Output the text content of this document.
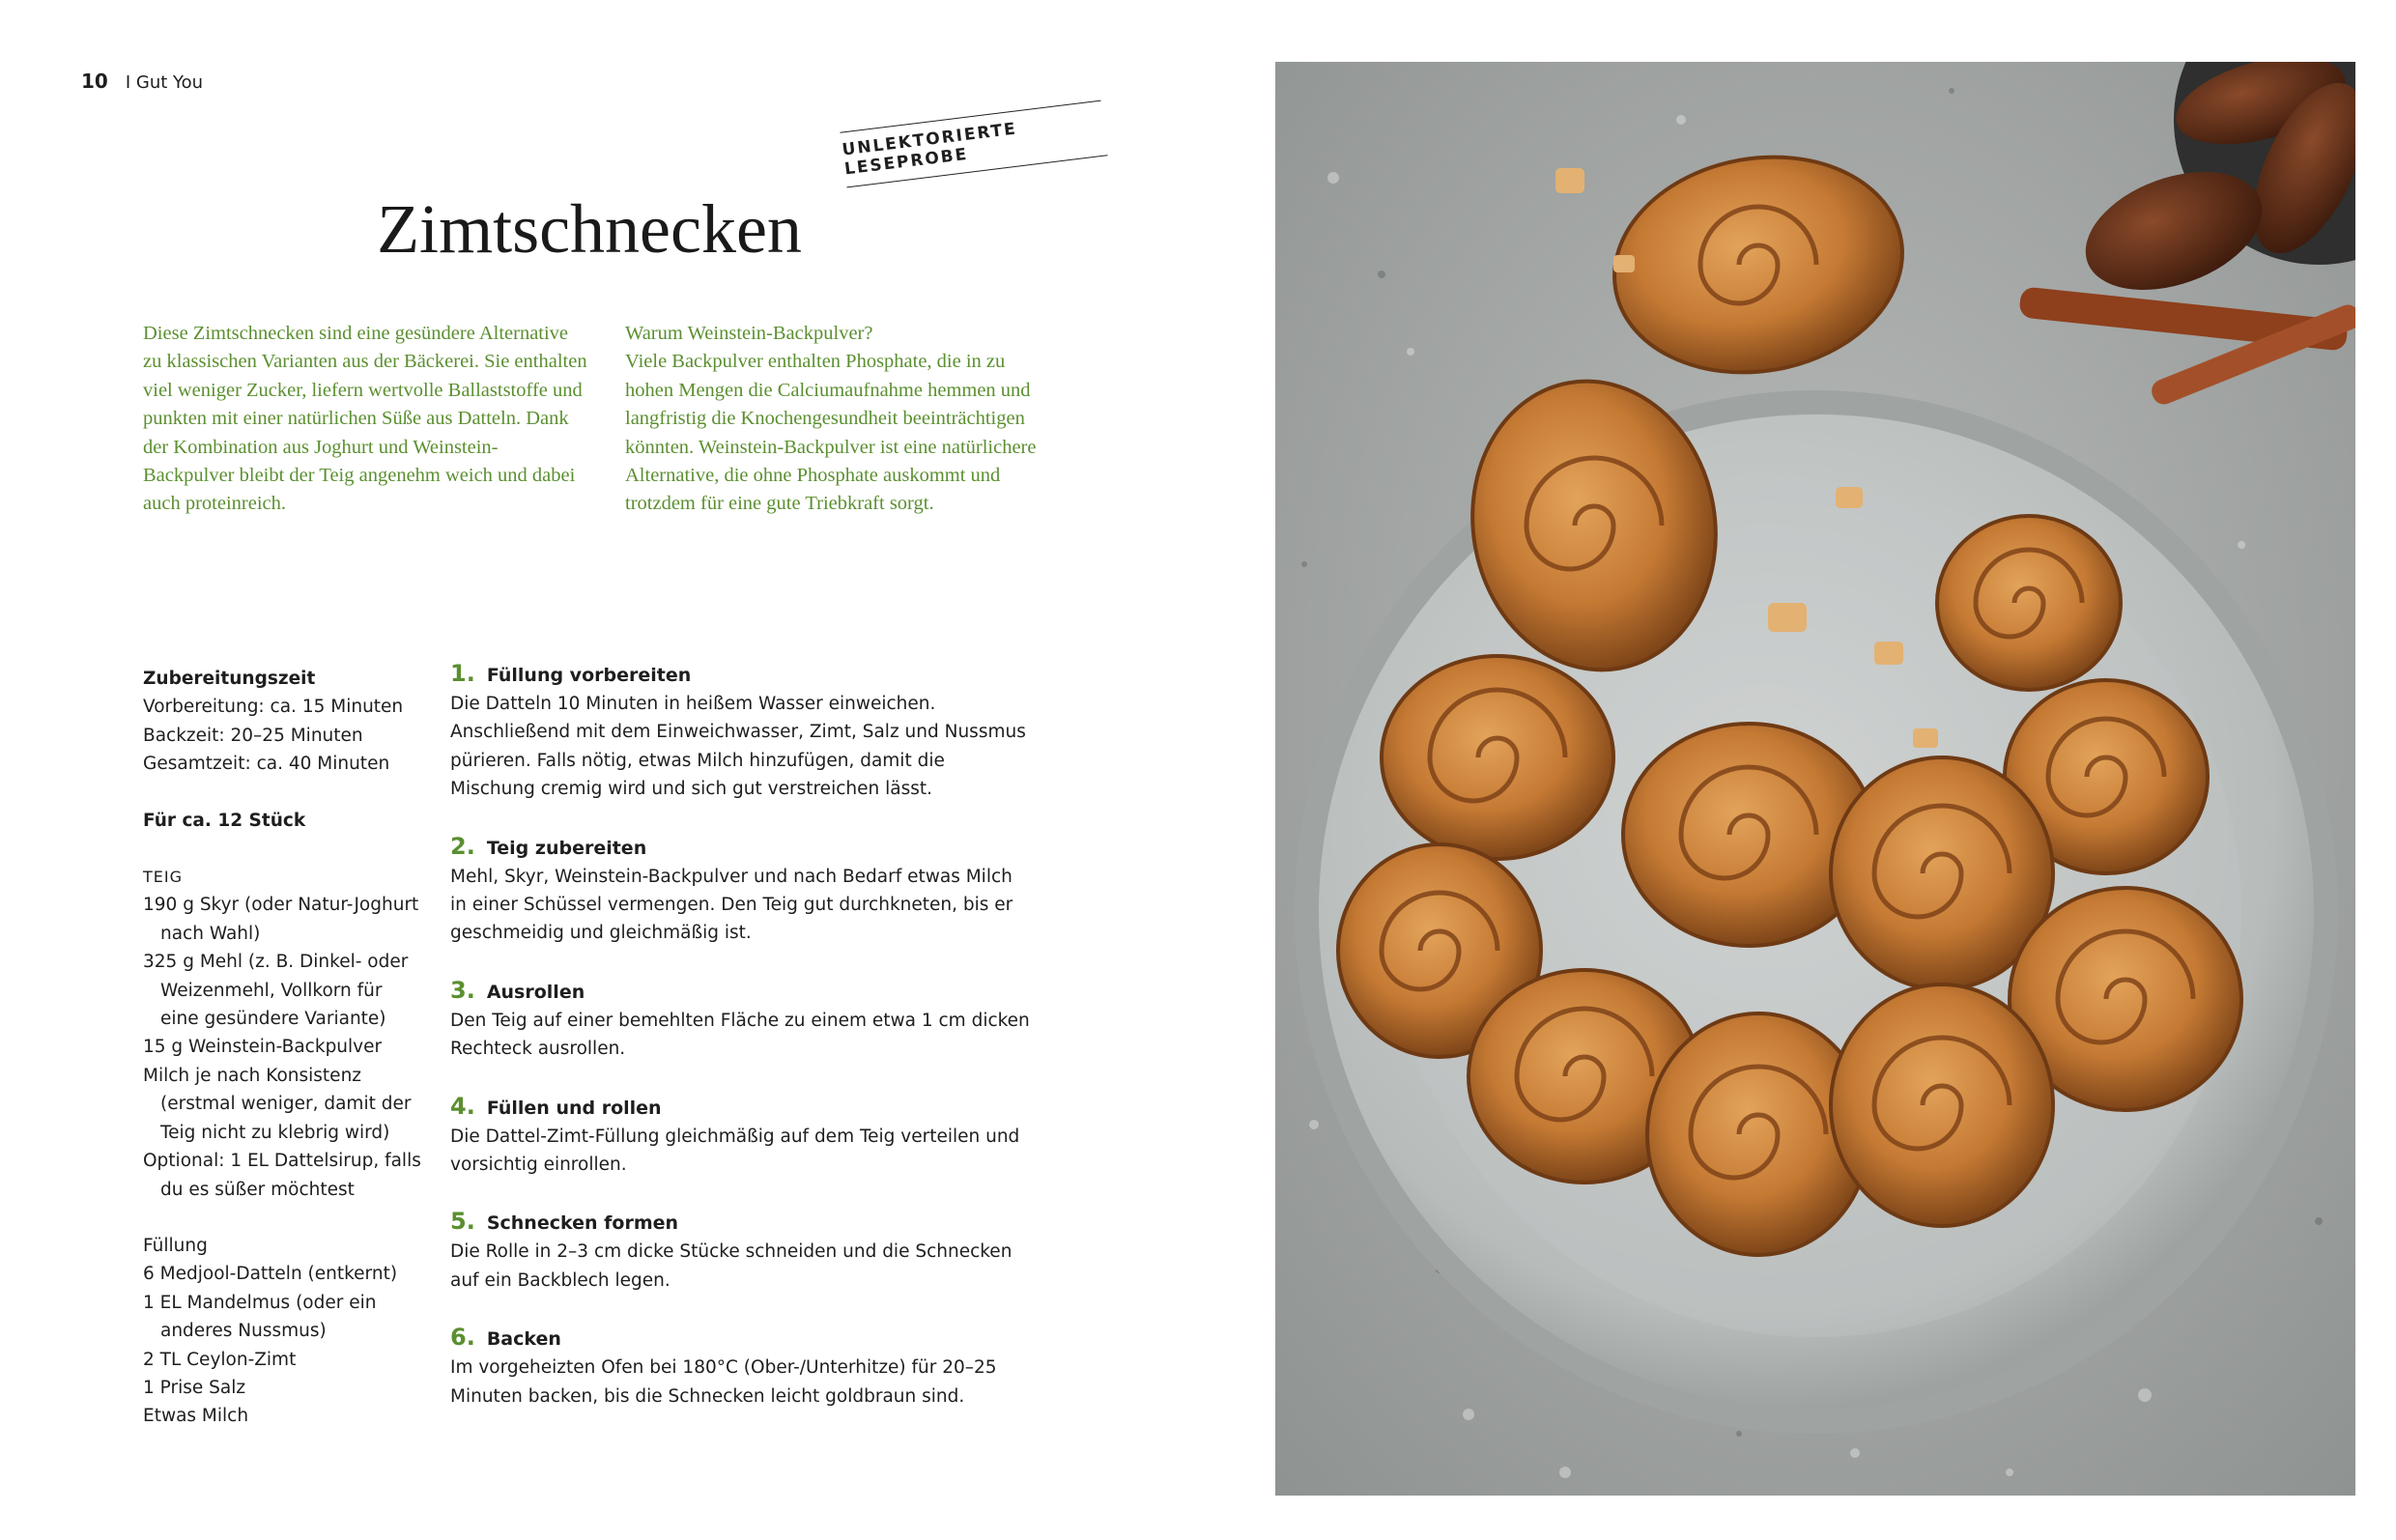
10 I Gut You
UNLEKTORIERTE LESEPROBE
Zimtschnecken

Diese Zimtschnecken sind eine gesündere Alternative zu klassischen Varianten aus der Bäckerei. Sie enthalten viel weniger Zucker, liefern wertvolle Ballaststoffe und punkten mit einer natürlichen Süße aus Datteln. Dank der Kombination aus Joghurt und Weinstein-Backpulver bleibt der Teig angenehm weich und dabei auch proteinreich.

Warum Weinstein-Backpulver?

Viele Backpulver enthalten Phosphate, die in zu hohen Mengen die Calciumaufnahme hemmen und langfristig die Knochengesundheit beeinträchtigen könnten. Weinstein-Backpulver ist eine natürlichere Alternative, die ohne Phosphate auskommt und trotzdem für eine gute Triebkraft sorgt.

Zubereitungszeit

Vorbereitung: ca. 15 Minuten

Backzeit: 20–25 Minuten

Gesamtzeit: ca. 40 Minuten

Für ca. 12 Stück

TEIG

190 g Skyr (oder Natur-Joghurt nach Wahl)

325 g Mehl (z. B. Dinkel- oder Weizenmehl, Vollkorn für eine gesündere Variante)

15 g Weinstein-Backpulver

Milch je nach Konsistenz (erstmal weniger, damit der Teig nicht zu klebrig wird)

Optional: 1 EL Dattelsirup, falls du es süßer möchtest

Füllung

6 Medjool-Datteln (entkernt)

1 EL Mandelmus (oder ein anderes Nussmus)

2 TL Ceylon-Zimt

1 Prise Salz

Etwas Milch

1. Füllung vorbereiten

Die Datteln 10 Minuten in heißem Wasser einweichen. Anschließend mit dem Einweichwasser, Zimt, Salz und Nussmus pürieren. Falls nötig, etwas Milch hinzufügen, damit die Mischung cremig wird und sich gut verstreichen lässt.

2. Teig zubereiten

Mehl, Skyr, Weinstein-Backpulver und nach Bedarf etwas Milch in einer Schüssel vermengen. Den Teig gut durchkneten, bis er geschmeidig und gleichmäßig ist.

3. Ausrollen

Den Teig auf einer bemehlten Fläche zu einem etwa 1 cm dicken Rechteck ausrollen.

4. Füllen und rollen

Die Dattel-Zimt-Füllung gleichmäßig auf dem Teig verteilen und vorsichtig einrollen.

5. Schnecken formen

Die Rolle in 2–3 cm dicke Stücke schneiden und die Schnecken auf ein Backblech legen.

6. Backen

Im vorgeheizten Ofen bei 180°C (Ober-/Unterhitze) für 20–25 Minuten backen, bis die Schnecken leicht goldbraun sind.
